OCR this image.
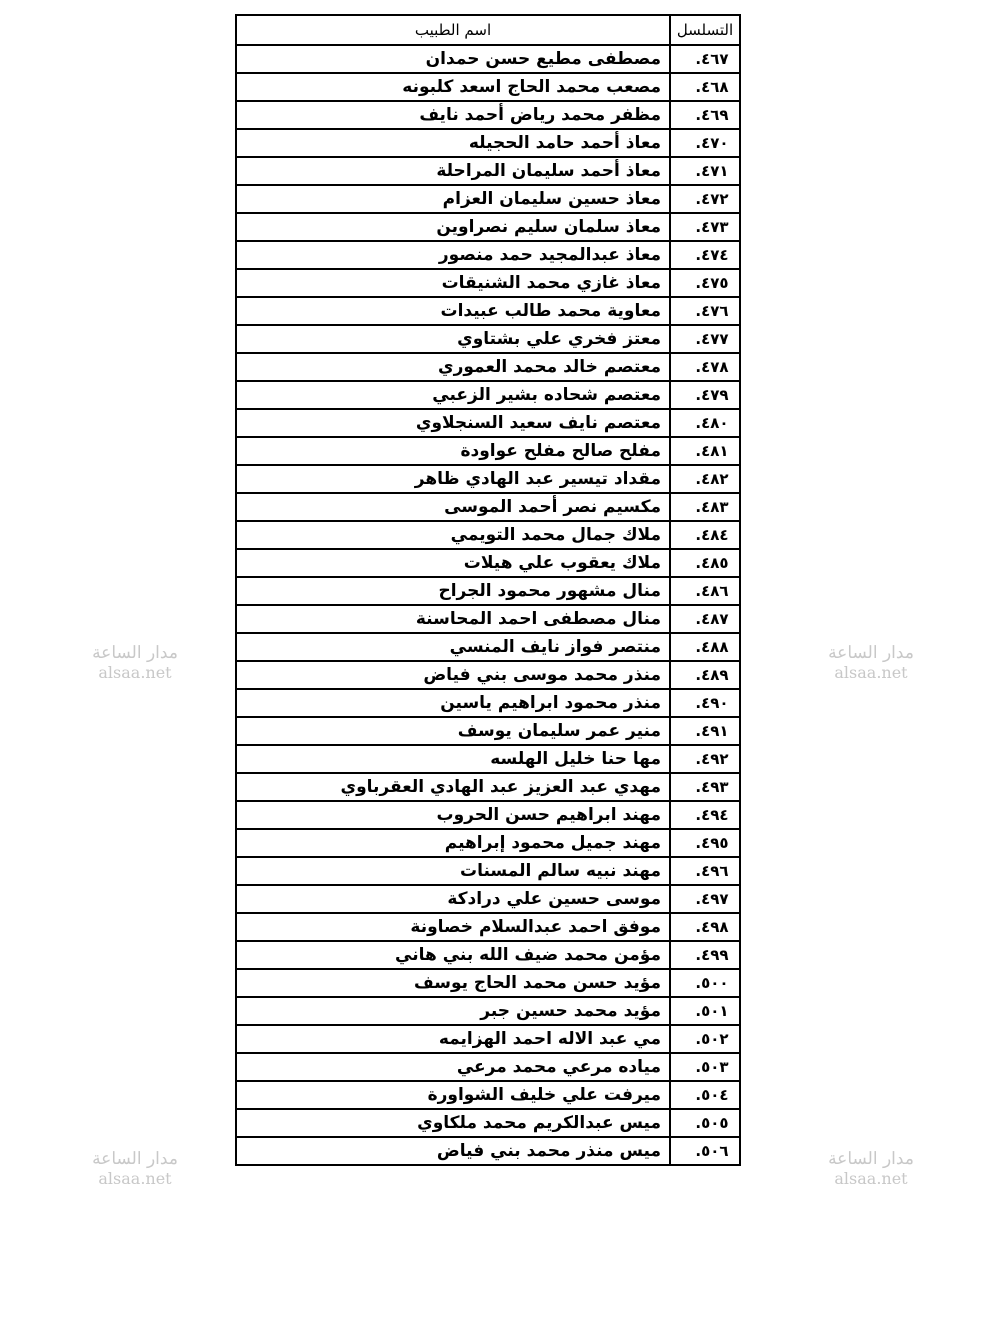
التسلسل	اسم الطبيب
٤٦٧.	مصطفى مطيع حسن حمدان
٤٦٨.	مصعب محمد الحاج اسعد كلبونه
٤٦٩.	مظفر محمد رياض أحمد نايف
٤٧٠.	معاذ أحمد حامد الحجيله
٤٧١.	معاذ أحمد سليمان المراحلة
٤٧٢.	معاذ حسين سليمان العزام
٤٧٣.	معاذ سلمان سليم نصراوين
٤٧٤.	معاذ عبدالمجيد حمد منصور
٤٧٥.	معاذ غازي محمد الشنيقات
٤٧٦.	معاوية محمد طالب عبيدات
٤٧٧.	معتز فخري علي بشتاوي
٤٧٨.	معتصم خالد محمد العموري
٤٧٩.	معتصم شحاده بشير الزعبي
٤٨٠.	معتصم نايف سعيد السنجلاوي
٤٨١.	مفلح صالح مفلح عواودة
٤٨٢.	مقداد تيسير عبد الهادي ظاهر
٤٨٣.	مكسيم نصر أحمد الموسى
٤٨٤.	ملاك جمال محمد التويمي
٤٨٥.	ملاك يعقوب علي هيلات
٤٨٦.	منال مشهور محمود الجراح
٤٨٧.	منال مصطفى احمد المحاسنة
٤٨٨.	منتصر فواز نايف المنسي
٤٨٩.	منذر محمد موسى بني فياض
٤٩٠.	منذر محمود ابراهيم ياسين
٤٩١.	منير عمر سليمان يوسف
٤٩٢.	مها حنا خليل الهلسه
٤٩٣.	مهدي عبد العزيز عبد الهادي العقرباوي
٤٩٤.	مهند ابراهيم حسن الحروب
٤٩٥.	مهند جميل محمود إبراهيم
٤٩٦.	مهند نبيه سالم المسنات
٤٩٧.	موسى حسين علي درادكة
٤٩٨.	موفق احمد عبدالسلام خصاونة
٤٩٩.	مؤمن محمد ضيف الله بني هاني
٥٠٠.	مؤيد حسن محمد الحاج يوسف
٥٠١.	مؤيد محمد حسين جبر
٥٠٢.	مي عبد الاله احمد الهزايمه
٥٠٣.	مياده مرعي محمد مرعي
٥٠٤.	ميرفت علي خليف الشواورة
٥٠٥.	ميس عبدالكريم محمد ملكاوي
٥٠٦.	ميس منذر محمد بني فياض
مدار الساعة
alsaa.net
مدار الساعة
alsaa.net
مدار الساعة
alsaa.net
مدار الساعة
alsaa.net
